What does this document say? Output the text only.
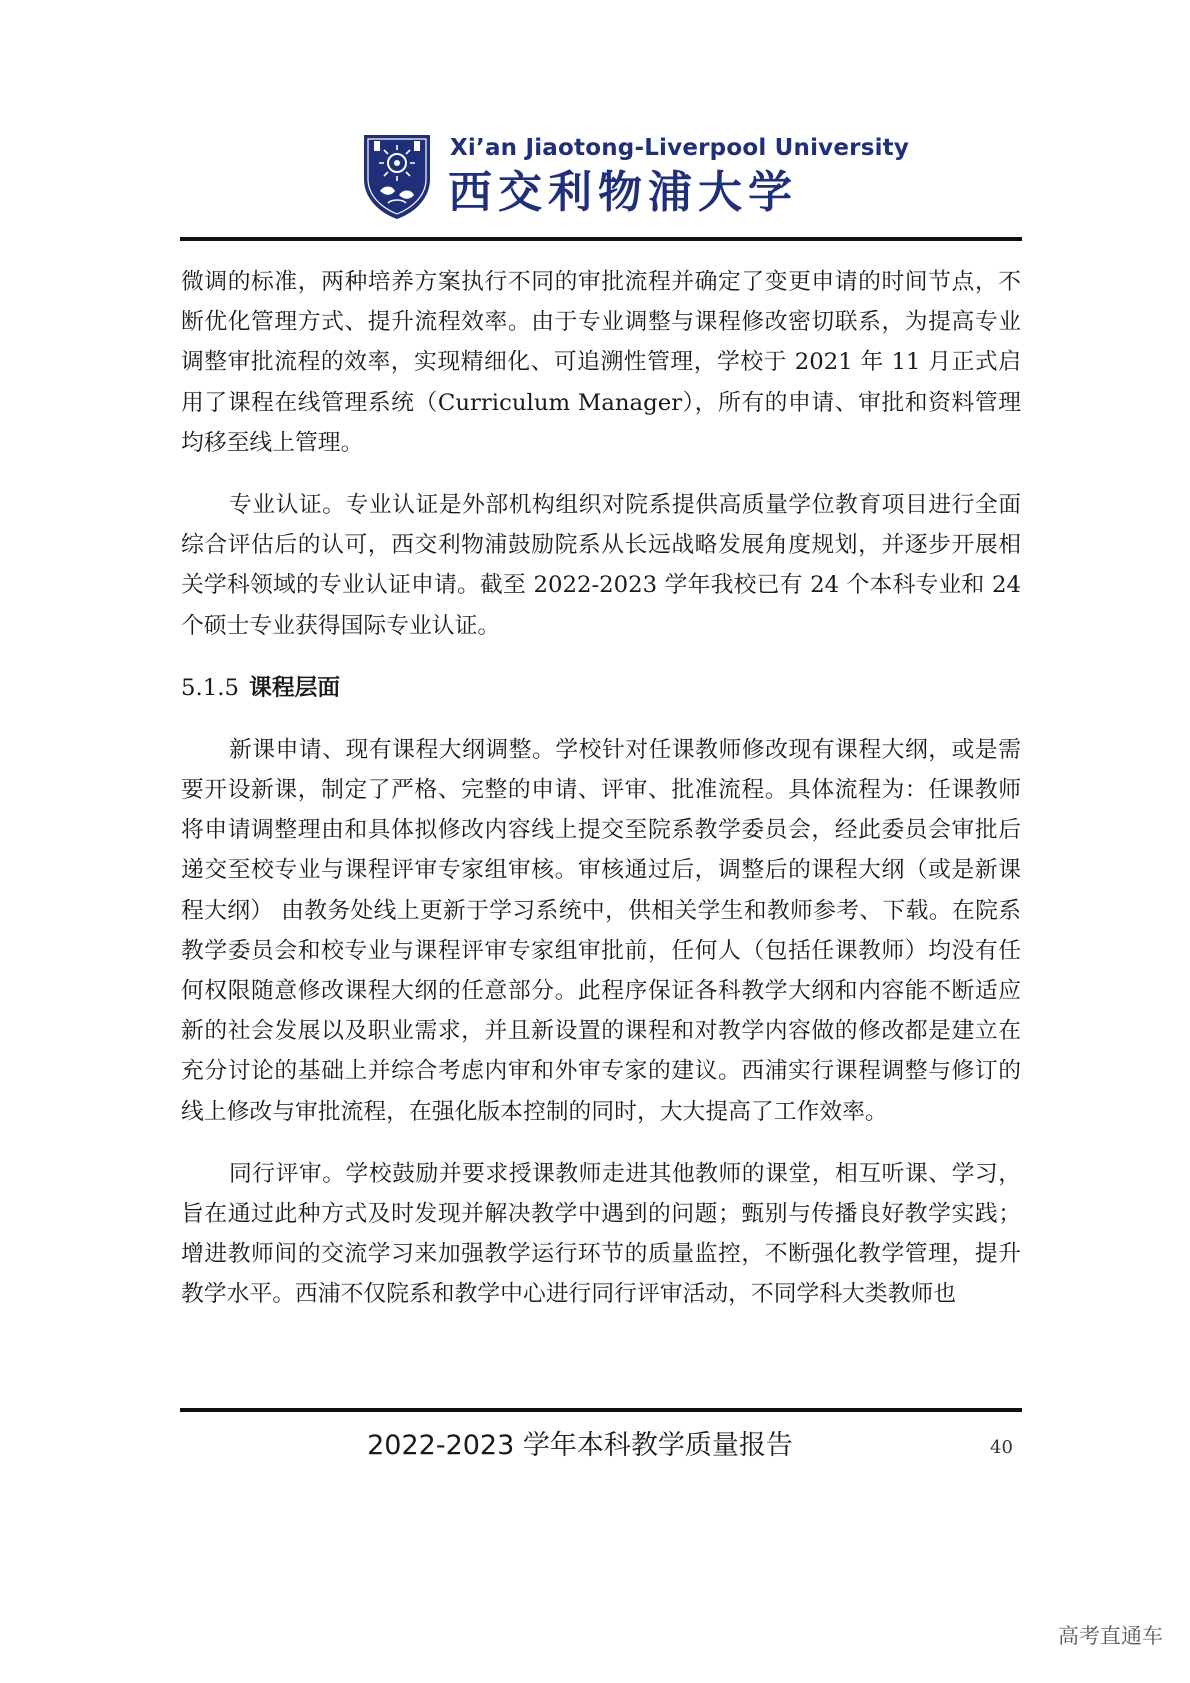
Xi’an Jiaotong-Liverpool University
西交利物浦大学

微调的标准，两种培养方案执行不同的审批流程并确定了变更申请的时间节点，不断优化管理方式、提升流程效率。由于专业调整与课程修改密切联系，为提高专业调整审批流程的效率，实现精细化、可追溯性管理，学校于 2021 年 11 月正式启用了课程在线管理系统（Curriculum Manager），所有的申请、审批和资料管理均移至线上管理。

专业认证。专业认证是外部机构组织对院系提供高质量学位教育项目进行全面综合评估后的认可，西交利物浦鼓励院系从长远战略发展角度规划，并逐步开展相关学科领域的专业认证申请。截至 2022-2023 学年我校已有 24 个本科专业和 24 个硕士专业获得国际专业认证。

5.1.5 课程层面

新课申请、现有课程大纲调整。学校针对任课教师修改现有课程大纲，或是需要开设新课，制定了严格、完整的申请、评审、批准流程。具体流程为：任课教师将申请调整理由和具体拟修改内容线上提交至院系教学委员会，经此委员会审批后递交至校专业与课程评审专家组审核。审核通过后，调整后的课程大纲（或是新课程大纲） 由教务处线上更新于学习系统中，供相关学生和教师参考、下载。在院系教学委员会和校专业与课程评审专家组审批前，任何人（包括任课教师）均没有任何权限随意修改课程大纲的任意部分。此程序保证各科教学大纲和内容能不断适应新的社会发展以及职业需求，并且新设置的课程和对教学内容做的修改都是建立在充分讨论的基础上并综合考虑内审和外审专家的建议。西浦实行课程调整与修订的线上修改与审批流程，在强化版本控制的同时，大大提高了工作效率。

同行评审。学校鼓励并要求授课教师走进其他教师的课堂，相互听课、学习，旨在通过此种方式及时发现并解决教学中遇到的问题；甄别与传播良好教学实践；增进教师间的交流学习来加强教学运行环节的质量监控，不断强化教学管理，提升教学水平。西浦不仅院系和教学中心进行同行评审活动，不同学科大类教师也

2022-2023 学年本科教学质量报告	40
高考直通车
